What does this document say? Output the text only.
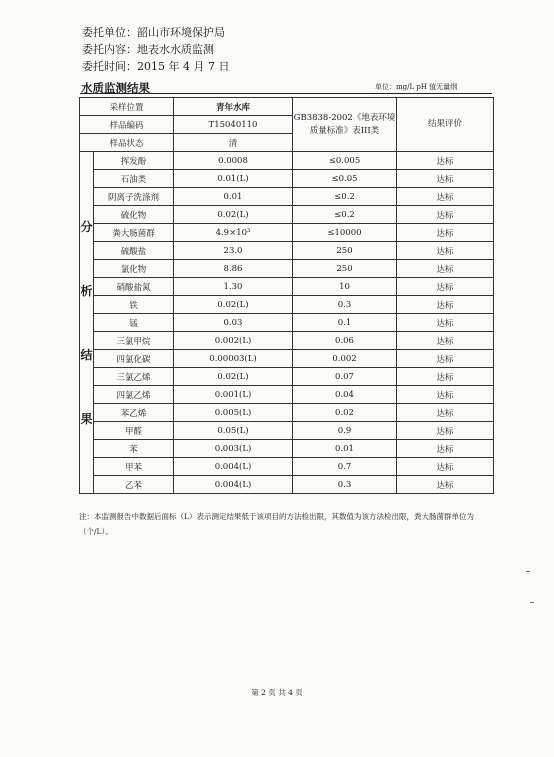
委托单位：韶山市环境保护局
委托内容：地表水水质监测
委托时间：2015 年 4 月 7 日
水质监测结果	单位：mg/L pH 值无量纲
采样位置		青年水库	GB3838-2002《地表环境质量标准》表III类	结果评价
样品编码		T15040110		
样品状态		清		

分
析
结
果	挥发酚	0.0008	≤0.005	达标
	石油类	0.01(L)	≤0.05	达标
	阴离子洗涤剂	0.01	≤0.2	达标
	硫化物	0.02(L)	≤0.2	达标
	粪大肠菌群	4.9×10³	≤10000	达标
	硫酸盐	23.0	250	达标
	氯化物	8.86	250	达标
	硝酸盐氮	1.30	10	达标
	铁	0.02(L)	0.3	达标
	锰	0.03	0.1	达标
	三氯甲烷	0.002(L)	0.06	达标
	四氯化碳	0.00003(L)	0.002	达标
	三氯乙烯	0.02(L)	0.07	达标
	四氯乙烯	0.001(L)	0.04	达标
	苯乙烯	0.005(L)	0.02	达标
	甲醛	0.05(L)	0.9	达标
	苯	0.003(L)	0.01	达标
	甲苯	0.004(L)	0.7	达标
	乙苯	0.004(L)	0.3	达标
注：本监测报告中数据后面标（L）表示测定结果低于该项目的方法检出限，其数值为该方法检出限，粪大肠菌群单位为（个/L）。
第 2 页 共 4 页
